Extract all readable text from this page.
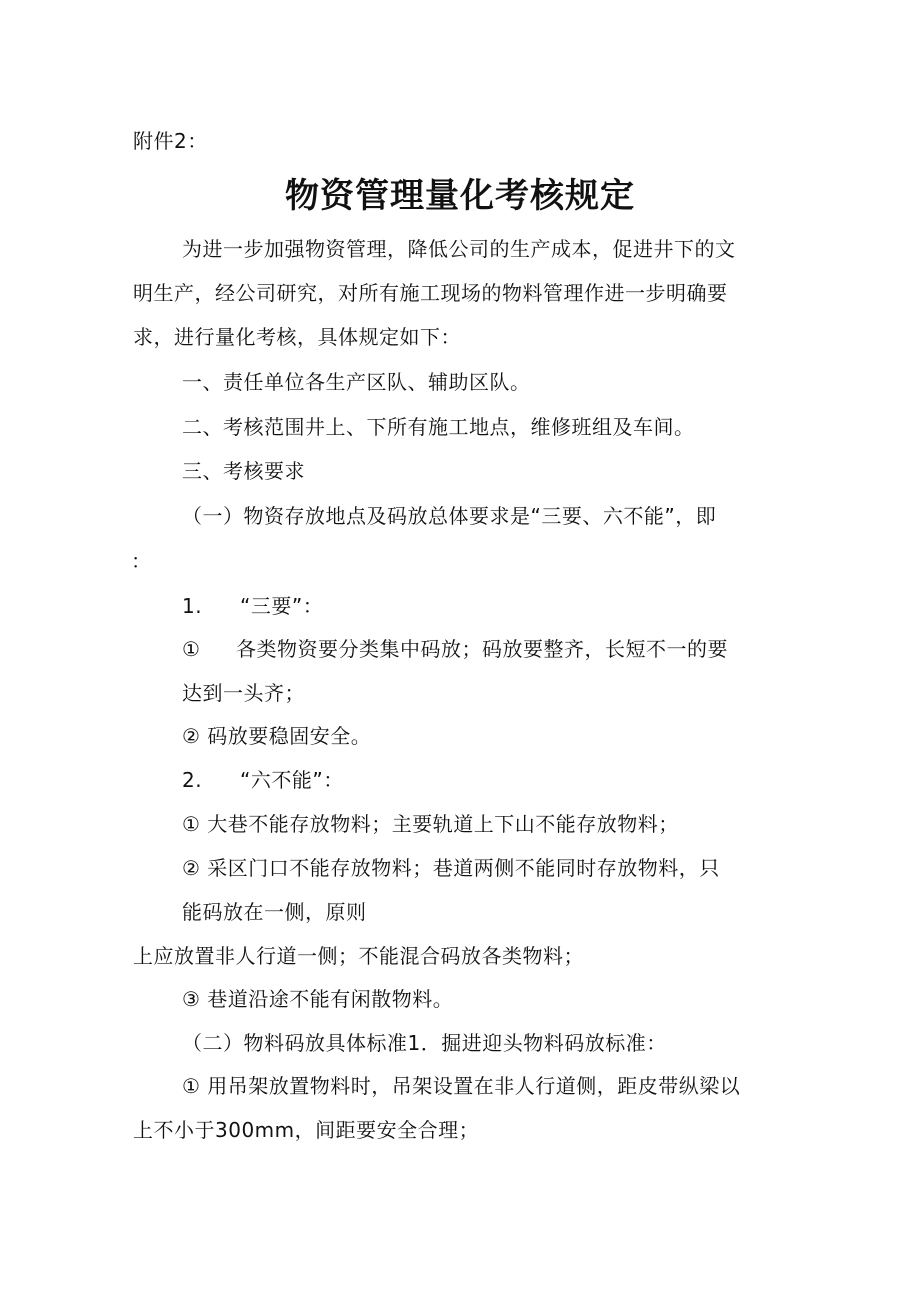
附件2：
物资管理量化考核规定
为进一步加强物资管理，降低公司的生产成本，促进井下的文
明生产，经公司研究，对所有施工现场的物料管理作进一步明确要
求，进行量化考核，具体规定如下：
一、责任单位各生产区队、辅助区队。
二、考核范围井上、下所有施工地点，维修班组及车间。
三、考核要求
（一）物资存放地点及码放总体要求是“三要、六不能”，即
：
1. “三要”：
① 各类物资要分类集中码放；码放要整齐，长短不一的要
达到一头齐；
② 码放要稳固安全。
2. “六不能”：
① 大巷不能存放物料；主要轨道上下山不能存放物料；
② 采区门口不能存放物料；巷道两侧不能同时存放物料，只
能码放在一侧，原则
上应放置非人行道一侧；不能混合码放各类物料；
③ 巷道沿途不能有闲散物料。
（二）物料码放具体标准1．掘进迎头物料码放标准：
① 用吊架放置物料时，吊架设置在非人行道侧，距皮带纵梁以
上不小于300mm，间距要安全合理；
